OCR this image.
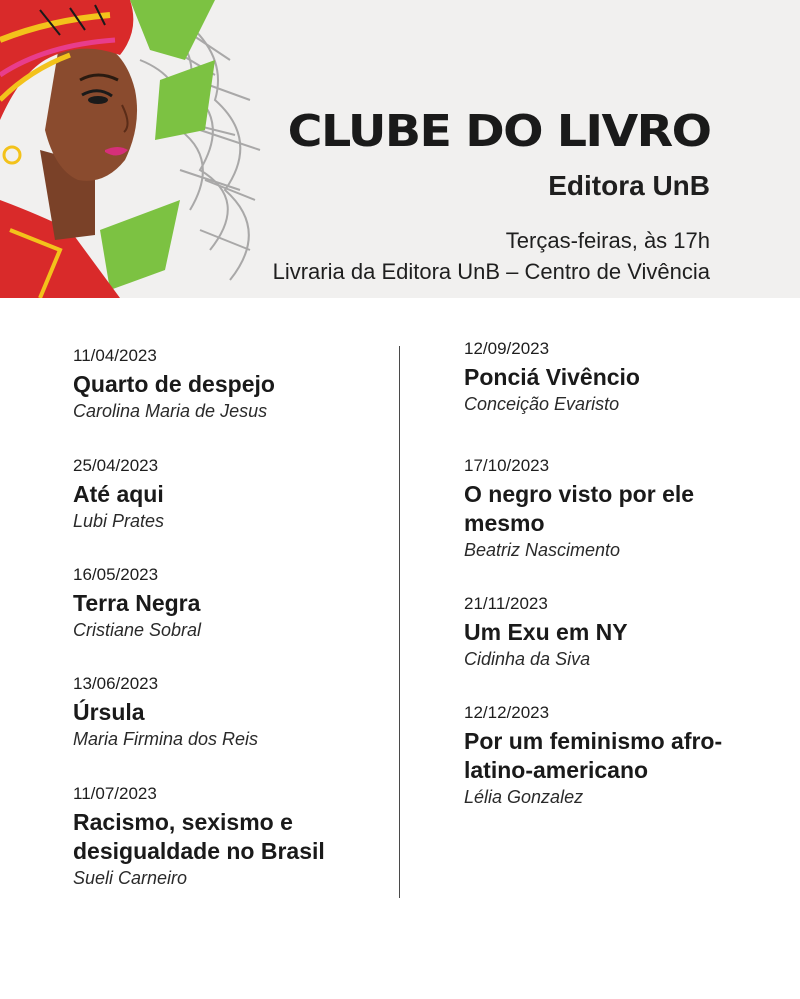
CLUBE DO LIVRO
Editora UnB
Terças-feiras, às 17h
Livraria da Editora UnB – Centro de Vivência
11/04/2023
Quarto de despejo
Carolina Maria de Jesus
25/04/2023
Até aqui
Lubi Prates
16/05/2023
Terra Negra
Cristiane Sobral
13/06/2023
Úrsula
Maria Firmina dos Reis
11/07/2023
Racismo, sexismo e desigualdade no Brasil
Sueli Carneiro
12/09/2023
Ponciá Vivêncio
Conceição Evaristo
17/10/2023
O negro visto por ele mesmo
Beatriz Nascimento
21/11/2023
Um Exu em NY
Cidinha da Siva
12/12/2023
Por um feminismo afro-latino-americano
Lélia Gonzalez
